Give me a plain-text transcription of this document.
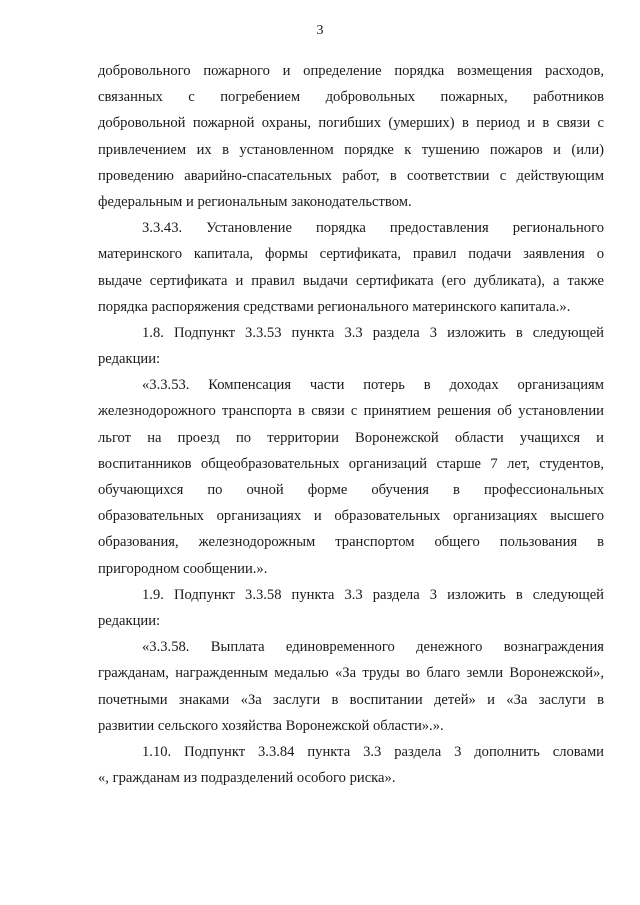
3
добровольного пожарного и определение порядка возмещения расходов,
связанных с погребением добровольных пожарных, работников
добровольной пожарной охраны, погибших (умерших) в период и в связи с
привлечением их в установленном порядке к тушению пожаров и (или)
проведению аварийно-спасательных работ, в соответствии с действующим
федеральным и региональным законодательством.
3.3.43. Установление порядка предоставления регионального
материнского капитала, формы сертификата, правил подачи заявления о
выдаче сертификата и правил выдачи сертификата (его дубликата), а также
порядка распоряжения средствами регионального материнского капитала.».
1.8. Подпункт 3.3.53 пункта 3.3 раздела 3 изложить в следующей
редакции:
«3.3.53. Компенсация части потерь в доходах организациям
железнодорожного транспорта в связи с принятием решения об установлении
льгот на проезд по территории Воронежской области учащихся и
воспитанников общеобразовательных организаций старше 7 лет, студентов,
обучающихся по очной форме обучения в профессиональных
образовательных организациях и образовательных организациях высшего
образования, железнодорожным транспортом общего пользования в
пригородном сообщении.».
1.9. Подпункт 3.3.58 пункта 3.3 раздела 3 изложить в следующей
редакции:
«3.3.58. Выплата единовременного денежного вознаграждения
гражданам, награжденным медалью «За труды во благо земли Воронежской»,
почетными знаками «За заслуги в воспитании детей» и «За заслуги в
развитии сельского хозяйства Воронежской области».».
1.10. Подпункт 3.3.84 пункта 3.3 раздела 3 дополнить словами
«, гражданам из подразделений особого риска».
